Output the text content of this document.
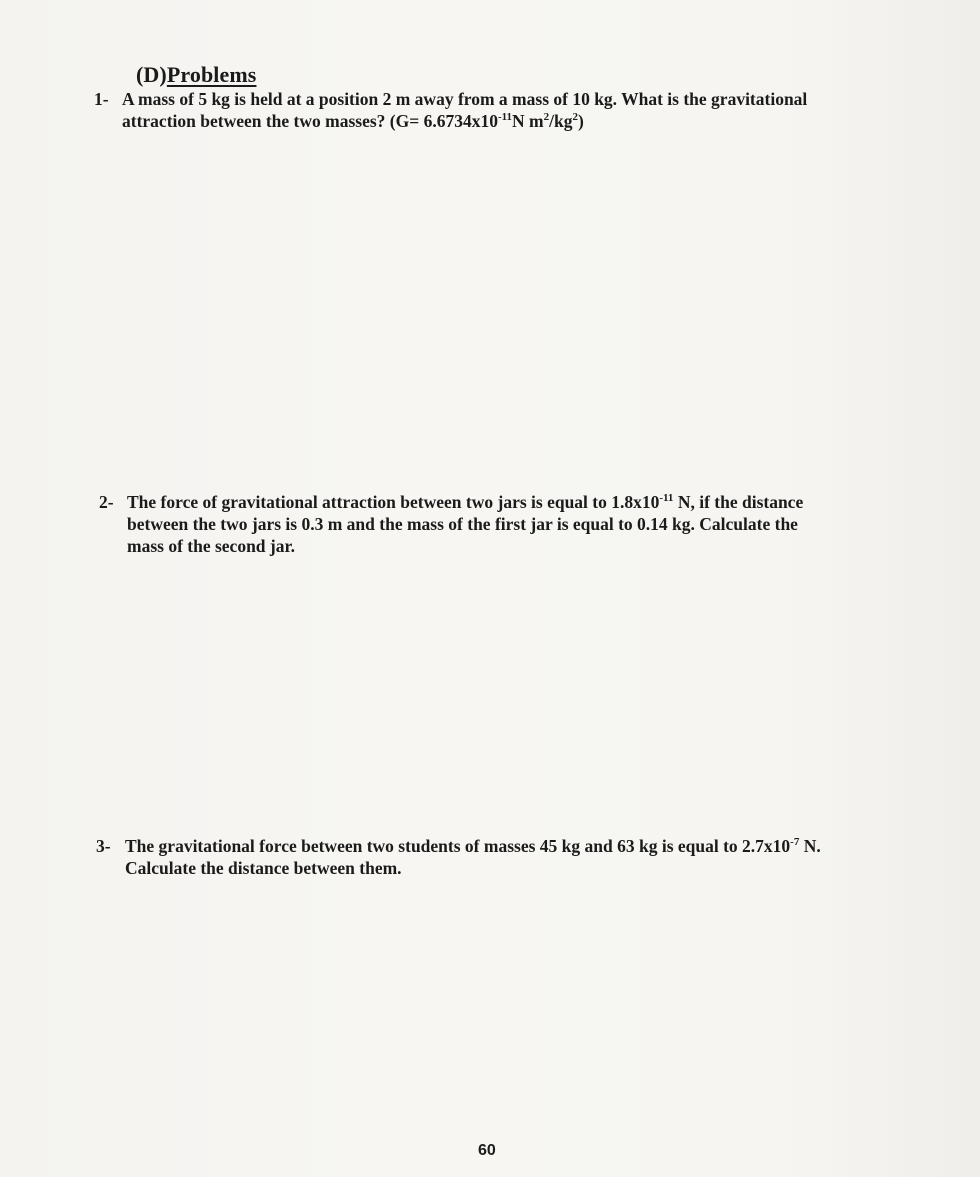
(D)Problems
1- A mass of 5 kg is held at a position 2 m away from a mass of 10 kg. What is the gravitational
attraction between the two masses? ($G= 6.6734x10^{-11}N$ $m^2/kg^2$)
2- The force of gravitational attraction between two jars is equal to $1.8x10^{-11}$ N, if the distance
between the two jars is 0.3 m and the mass of the first jar is equal to 0.14 kg. Calculate the
mass of the second jar.
3- The gravitational force between two students of masses 45 kg and 63 kg is equal to $2.7x10^{-7}$ N.
Calculate the distance between them.
60
